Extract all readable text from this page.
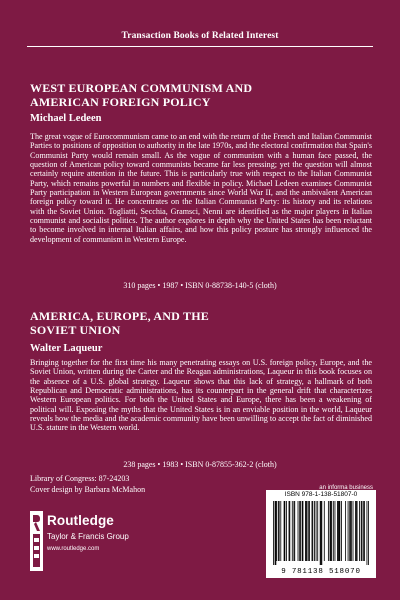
Transaction Books of Related Interest
WEST EUROPEAN COMMUNISM AND
AMERICAN FOREIGN POLICY
Michael Ledeen

The great vogue of Eurocommunism came to an end with the return of the French and Italian Communist Parties to positions of opposition to authority in the late 1970s, and the electoral confirmation that Spain's Communist Party would remain small. As the vogue of communism with a human face passed, the question of American policy toward communists became far less pressing; yet the question will almost certainly require attention in the future. This is particularly true with respect to the Italian Communist Party, which remains powerful in numbers and flexible in policy. Michael Ledeen examines Communist Party participation in Western European governments since World War II, and the ambivalent American foreign policy toward it. He concentrates on the Italian Communist Party: its history and its relations with the Soviet Union. Togliatti, Secchia, Gramsci, Nenni are identified as the major players in Italian communist and socialist politics. The author explores in depth why the United States has been reluctant to become involved in internal Italian affairs, and how this policy posture has strongly influenced the development of communism in Western Europe.

310 pages • 1987 • ISBN 0-88738-140-5 (cloth)
AMERICA, EUROPE, AND THE
SOVIET UNION
Walter Laqueur

Bringing together for the first time his many penetrating essays on U.S. foreign policy, Europe, and the Soviet Union, written during the Carter and the Reagan administrations, Laqueur in this book focuses on the absence of a U.S. global strategy. Laqueur shows that this lack of strategy, a hallmark of both Republican and Democratic administrations, has its counterpart in the general drift that characterizes Western European politics. For both the United States and Europe, there has been a weakening of political will. Exposing the myths that the United States is in an enviable position in the world, Laqueur reveals how the media and the academic community have been unwilling to accept the fact of diminished U.S. stature in the Western world.

238 pages • 1983 • ISBN 0-87855-362-2 (cloth)
Library of Congress: 87-24203
Cover design by Barbara McMahon	an informa business
Routledge
Taylor & Francis Group
www.routledge.com
ISBN 978-1-138-51807-0
9 781138 518070
